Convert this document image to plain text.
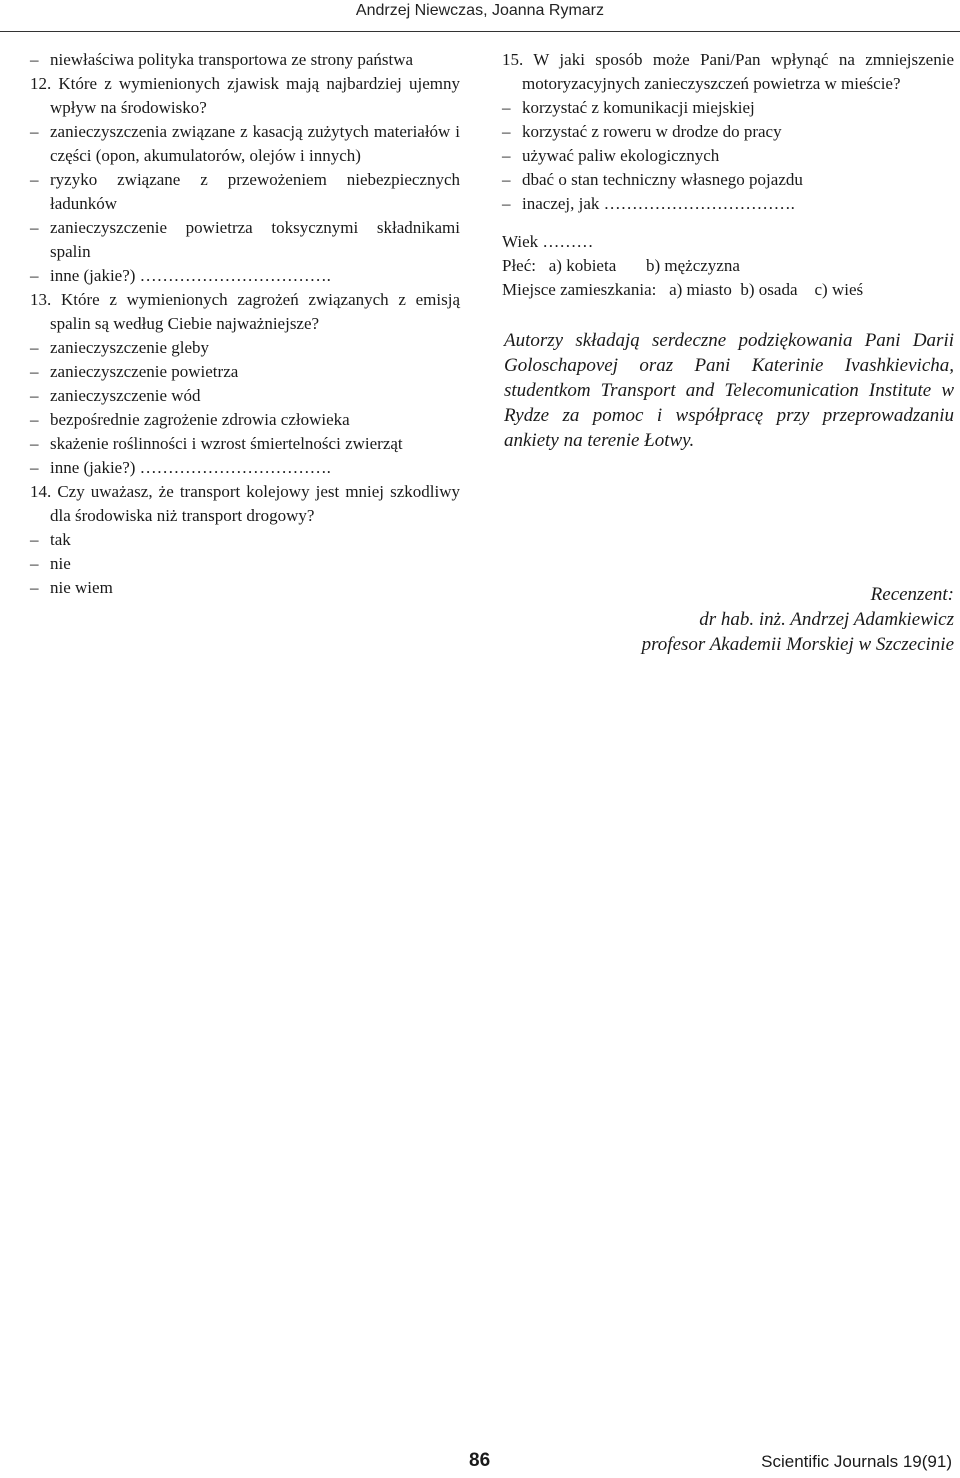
Andrzej Niewczas, Joanna Rymarz
– niewłaściwa polityka transportowa ze strony państwa
12. Które z wymienionych zjawisk mają najbardziej ujemny wpływ na środowisko?
– zanieczyszczenia związane z kasacją zużytych materiałów i części (opon, akumulatorów, olejów i innych)
– ryzyko związane z przewożeniem niebezpiecznych ładunków
– zanieczyszczenie powietrza toksycznymi składnikami spalin
– inne (jakie?) …………………………….
13. Które z wymienionych zagrożeń związanych z emisją spalin są według Ciebie najważniejsze?
– zanieczyszczenie gleby
– zanieczyszczenie powietrza
– zanieczyszczenie wód
– bezpośrednie zagrożenie zdrowia człowieka
– skażenie roślinności i wzrost śmiertelności zwierząt
– inne (jakie?) …………………………….
14. Czy uważasz, że transport kolejowy jest mniej szkodliwy dla środowiska niż transport drogowy?
– tak
– nie
– nie wiem
15. W jaki sposób może Pani/Pan wpłynąć na zmniejszenie motoryzacyjnych zanieczyszczeń powietrza w mieście?
– korzystać z komunikacji miejskiej
– korzystać z roweru w drodze do pracy
– używać paliw ekologicznych
– dbać o stan techniczny własnego pojazdu
– inaczej, jak …………………………….
Wiek ………
Płeć:   a) kobieta       b) mężczyzna
Miejsce zamieszkania:   a) miasto  b) osada    c) wieś
Autorzy składają serdeczne podziękowania Pani Darii Goloschapovej oraz Pani Katerinie Ivashkievicha, studentkom Transport and Telecomunication Institute w Rydze za pomoc i współpracę przy przeprowadzaniu ankiety na terenie Łotwy.
Recenzent:
dr hab. inż. Andrzej Adamkiewicz
profesor Akademii Morskiej w Szczecinie
86	Scientific Journals 19(91)
